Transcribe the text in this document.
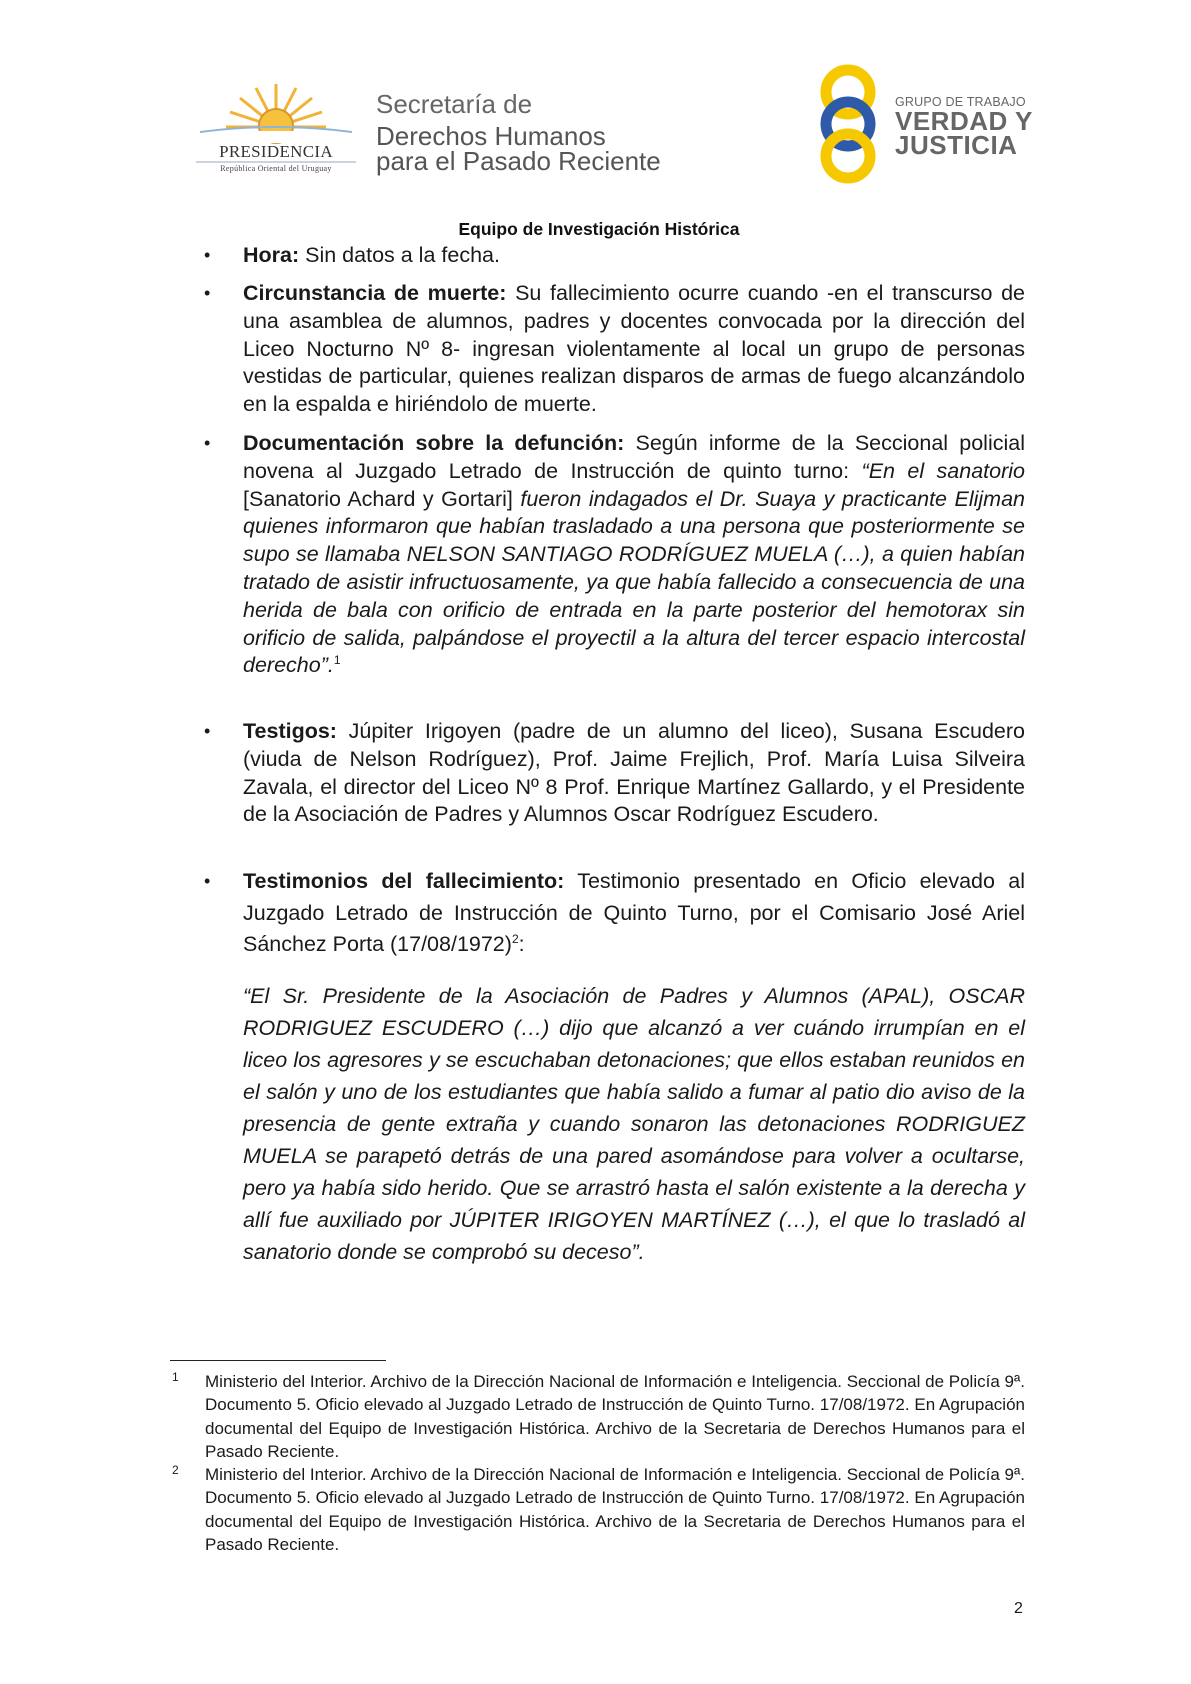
PRESIDENCIA
República Oriental del Uruguay
Secretaría de
Derechos Humanos
para el Pasado Reciente
GRUPO DE TRABAJO
VERDAD Y
JUSTICIA
Equipo de Investigación Histórica
• Hora: Sin datos a la fecha.
• Circunstancia de muerte: Su fallecimiento ocurre cuando -en el transcurso de una asamblea de alumnos, padres y docentes convocada por la dirección del Liceo Nocturno Nº 8- ingresan violentamente al local un grupo de personas vestidas de particular, quienes realizan disparos de armas de fuego alcanzándolo en la espalda e hiriéndolo de muerte.
• Documentación sobre la defunción: Según informe de la Seccional policial novena al Juzgado Letrado de Instrucción de quinto turno: “En el sanatorio [Sanatorio Achard y Gortari] fueron indagados el Dr. Suaya y practicante Elijman quienes informaron que habían trasladado a una persona que posteriormente se supo se llamaba NELSON SANTIAGO RODRÍGUEZ MUELA (…), a quien habían tratado de asistir infructuosamente, ya que había fallecido a consecuencia de una herida de bala con orificio de entrada en la parte posterior del hemotorax sin orificio de salida, palpándose el proyectil a la altura del tercer espacio intercostal derecho”.$^1$
• Testigos: Júpiter Irigoyen (padre de un alumno del liceo), Susana Escudero (viuda de Nelson Rodríguez), Prof. Jaime Frejlich, Prof. María Luisa Silveira Zavala, el director del Liceo Nº 8 Prof. Enrique Martínez Gallardo, y el Presidente de la Asociación de Padres y Alumnos Oscar Rodríguez Escudero.
• Testimonios del fallecimiento: Testimonio presentado en Oficio elevado al Juzgado Letrado de Instrucción de Quinto Turno, por el Comisario José Ariel Sánchez Porta $(17/08/1972)^2$:
“El Sr. Presidente de la Asociación de Padres y Alumnos (APAL), OSCAR RODRIGUEZ ESCUDERO (…) dijo que alcanzó a ver cuándo irrumpían en el liceo los agresores y se escuchaban detonaciones; que ellos estaban reunidos en el salón y uno de los estudiantes que había salido a fumar al patio dio aviso de la presencia de gente extraña y cuando sonaron las detonaciones RODRIGUEZ MUELA se parapetó detrás de una pared asomándose para volver a ocultarse, pero ya había sido herido. Que se arrastró hasta el salón existente a la derecha y allí fue auxiliado por JÚPITER IRIGOYEN MARTÍNEZ (…), el que lo trasladó al sanatorio donde se comprobó su deceso”.
1 Ministerio del Interior. Archivo de la Dirección Nacional de Información e Inteligencia. Seccional de Policía 9ª. Documento 5. Oficio elevado al Juzgado Letrado de Instrucción de Quinto Turno. 17/08/1972. En Agrupación documental del Equipo de Investigación Histórica. Archivo de la Secretaria de Derechos Humanos para el Pasado Reciente.
2 Ministerio del Interior. Archivo de la Dirección Nacional de Información e Inteligencia. Seccional de Policía 9ª. Documento 5. Oficio elevado al Juzgado Letrado de Instrucción de Quinto Turno. 17/08/1972. En Agrupación documental del Equipo de Investigación Histórica. Archivo de la Secretaria de Derechos Humanos para el Pasado Reciente.
2
